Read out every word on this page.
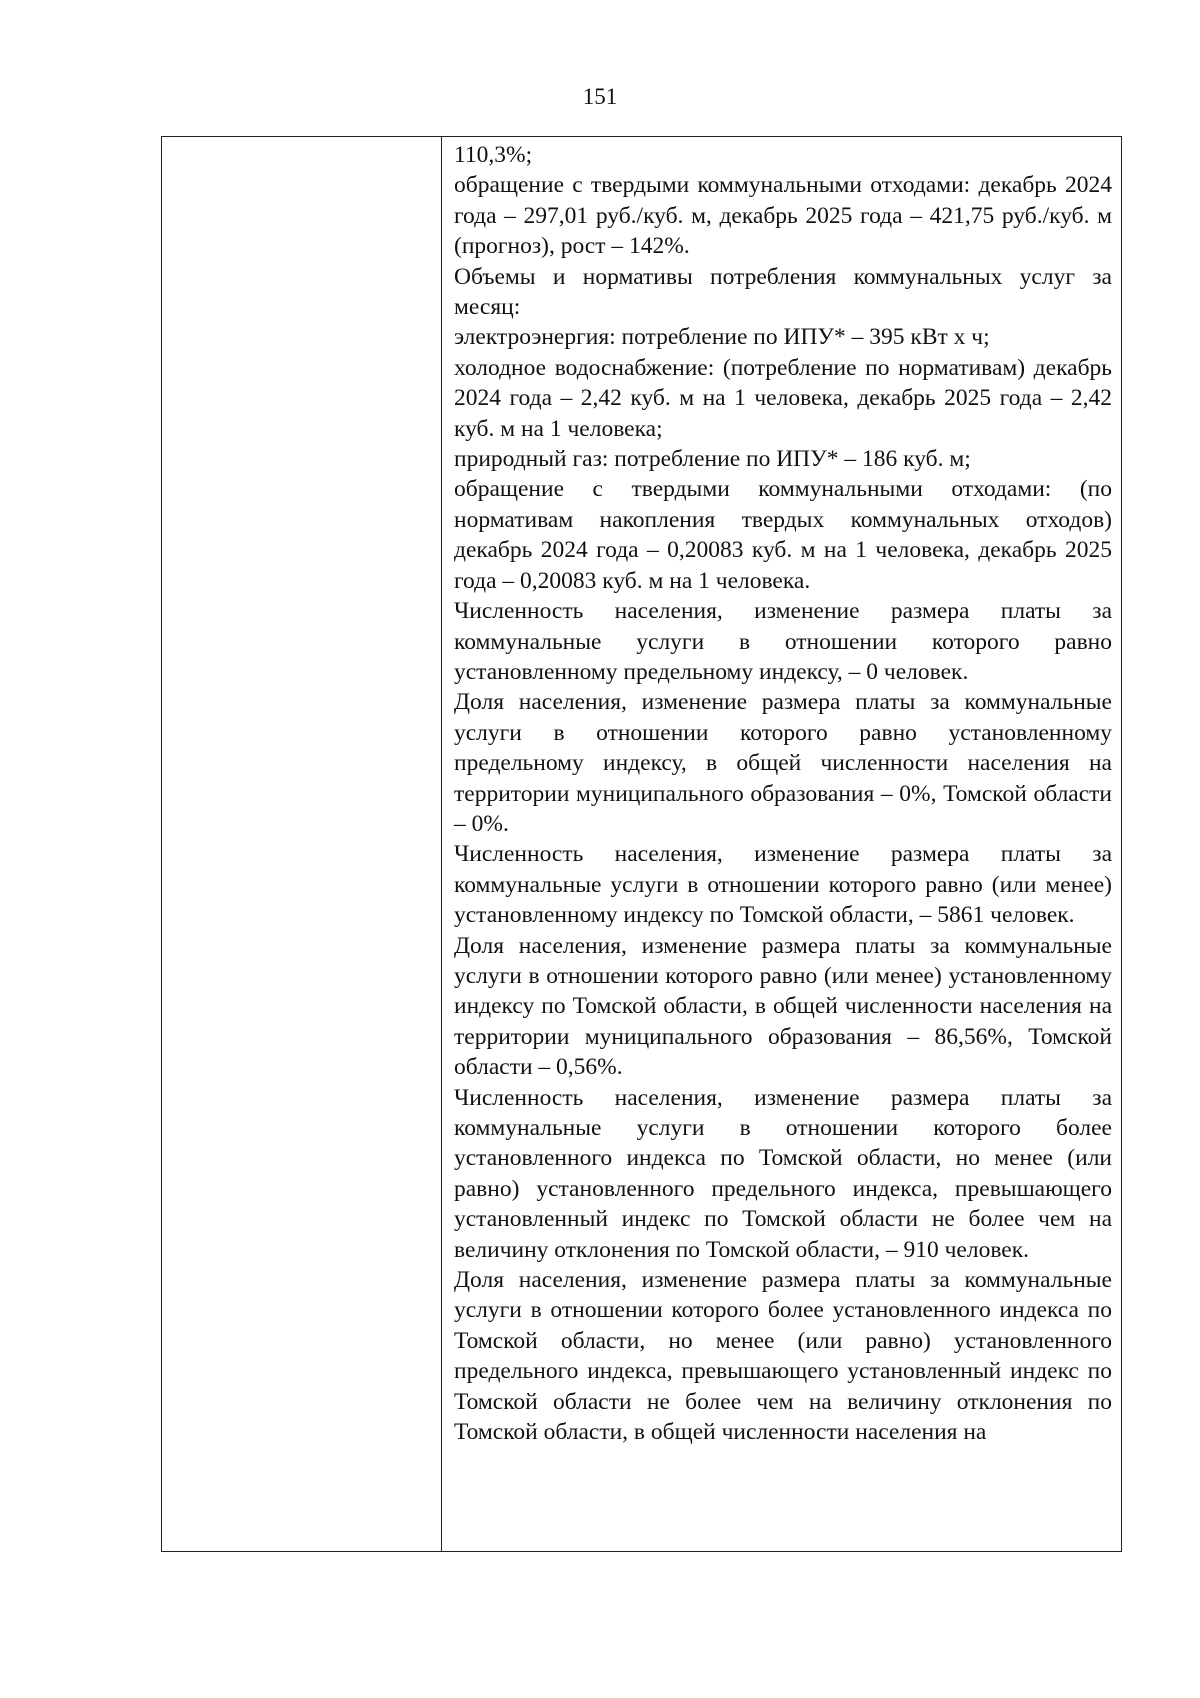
151

110,3%;

обращение с твердыми коммунальными отходами: декабрь 2024 года – 297,01 руб./куб. м, декабрь 2025 года – 421,75 руб./куб. м (прогноз), рост – 142%.

Объемы и нормативы потребления коммунальных услуг за месяц:

электроэнергия: потребление по ИПУ* – 395 кВт х ч;

холодное водоснабжение: (потребление по нормативам) декабрь 2024 года – 2,42 куб. м на 1 человека, декабрь 2025 года – 2,42 куб. м на 1 человека;

природный газ: потребление по ИПУ* – 186 куб. м;

обращение с твердыми коммунальными отходами: (по нормативам накопления твердых коммунальных отходов) декабрь 2024 года – 0,20083 куб. м на 1 человека, декабрь 2025 года – 0,20083 куб. м на 1 человека.

Численность населения, изменение размера платы за коммунальные услуги в отношении которого равно установленному предельному индексу, – 0 человек.

Доля населения, изменение размера платы за коммунальные услуги в отношении которого равно установленному предельному индексу, в общей численности населения на территории муниципального образования – 0%, Томской области – 0%.

Численность населения, изменение размера платы за коммунальные услуги в отношении которого равно (или менее) установленному индексу по Томской области, – 5861 человек.

Доля населения, изменение размера платы за коммунальные услуги в отношении которого равно (или менее) установленному индексу по Томской области, в общей численности населения на территории муниципального образования – 86,56%, Томской области – 0,56%.

Численность населения, изменение размера платы за коммунальные услуги в отношении которого более установленного индекса по Томской области, но менее (или равно) установленного предельного индекса, превышающего установленный индекс по Томской области не более чем на величину отклонения по Томской области, – 910 человек.

Доля населения, изменение размера платы за коммунальные услуги в отношении которого более установленного индекса по Томской области, но менее (или равно) установленного предельного индекса, превышающего установленный индекс по Томской области не более чем на величину отклонения по Томской области, в общей численности населения на
